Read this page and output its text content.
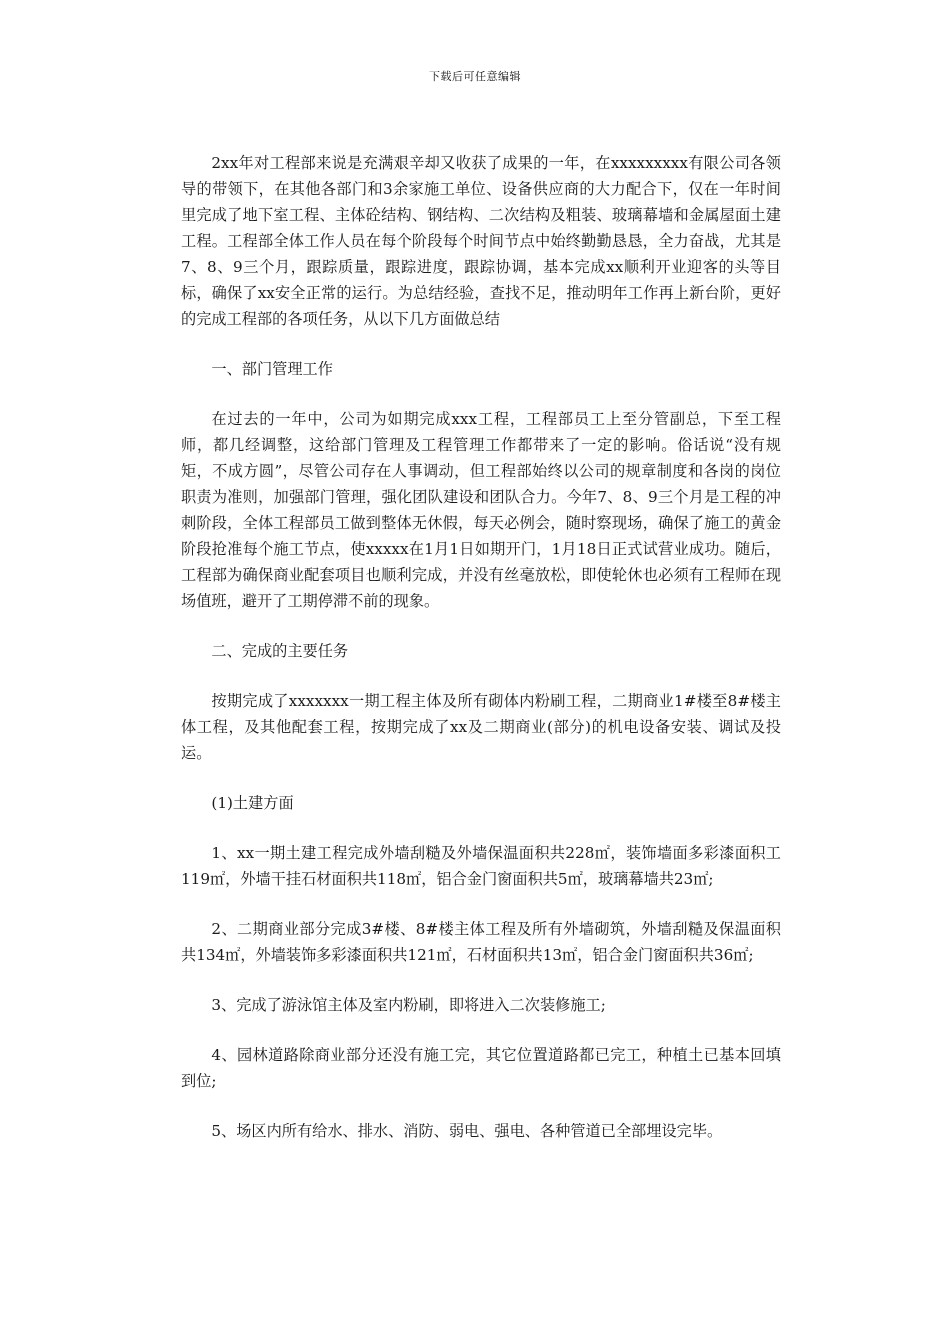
下载后可任意编辑

2xx年对工程部来说是充满艰辛却又收获了成果的一年，在xxxxxxxxx有限公司各领导的带领下，在其他各部门和3余家施工单位、设备供应商的大力配合下，仅在一年时间里完成了地下室工程、主体砼结构、钢结构、二次结构及粗装、玻璃幕墙和金属屋面土建工程。工程部全体工作人员在每个阶段每个时间节点中始终勤勤恳恳，全力奋战，尤其是7、8、9三个月，跟踪质量，跟踪进度，跟踪协调，基本完成xx顺利开业迎客的头等目标，确保了xx安全正常的运行。为总结经验，查找不足，推动明年工作再上新台阶，更好的完成工程部的各项任务，从以下几方面做总结

一、部门管理工作

在过去的一年中，公司为如期完成xxx工程，工程部员工上至分管副总，下至工程师，都几经调整，这给部门管理及工程管理工作都带来了一定的影响。俗话说“没有规矩，不成方圆”，尽管公司存在人事调动，但工程部始终以公司的规章制度和各岗的岗位职责为准则，加强部门管理，强化团队建设和团队合力。今年7、8、9三个月是工程的冲刺阶段，全体工程部员工做到整体无休假，每天必例会，随时察现场，确保了施工的黄金阶段抢准每个施工节点，使xxxxx在1月1日如期开门，1月18日正式试营业成功。随后，工程部为确保商业配套项目也顺利完成，并没有丝毫放松，即使轮休也必须有工程师在现场值班，避开了工期停滞不前的现象。

二、完成的主要任务

按期完成了xxxxxxx一期工程主体及所有砌体内粉刷工程，二期商业1#楼至8#楼主体工程，及其他配套工程，按期完成了xx及二期商业(部分)的机电设备安装、调试及投运。

(1)土建方面

1、xx一期土建工程完成外墙刮糙及外墙保温面积共228㎡，装饰墙面多彩漆面积工119㎡，外墙干挂石材面积共118㎡，铝合金门窗面积共5㎡，玻璃幕墙共23㎡;

2、二期商业部分完成3#楼、8#楼主体工程及所有外墙砌筑，外墙刮糙及保温面积共134㎡，外墙装饰多彩漆面积共121㎡，石材面积共13㎡，铝合金门窗面积共36㎡;

3、完成了游泳馆主体及室内粉刷，即将进入二次装修施工;

4、园林道路除商业部分还没有施工完，其它位置道路都已完工，种植土已基本回填到位;

5、场区内所有给水、排水、消防、弱电、强电、各种管道已全部埋设完毕。
